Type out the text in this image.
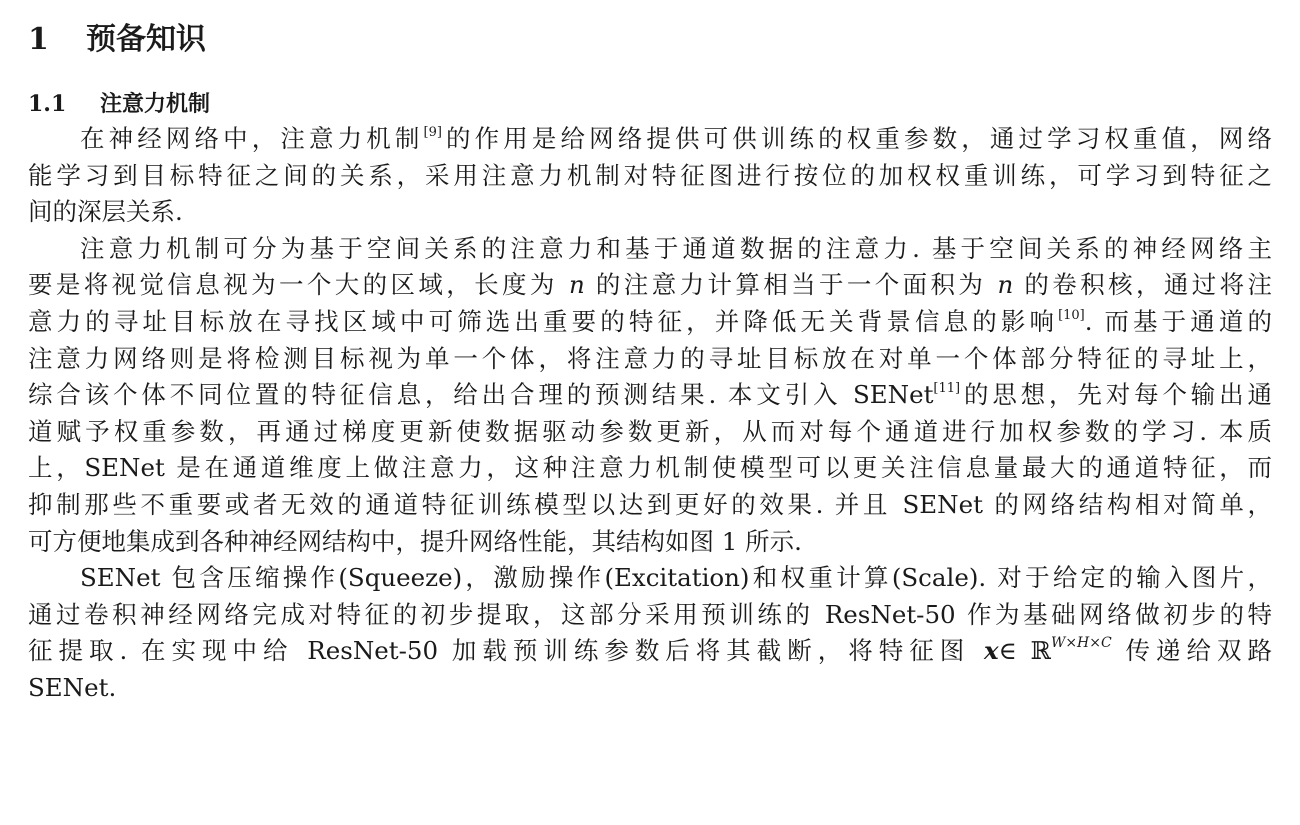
1	预备知识
1.1	注意力机制
在神经网络中，注意力机制[9]的作用是给网络提供可供训练的权重参数，通过学习权重值，网络
能学习到目标特征之间的关系，采用注意力机制对特征图进行按位的加权权重训练，可学习到特征之
间的深层关系.
注意力机制可分为基于空间关系的注意力和基于通道数据的注意力. 基于空间关系的神经网络主
要是将视觉信息视为一个大的区域，长度为 n 的注意力计算相当于一个面积为 n 的卷积核，通过将注
意力的寻址目标放在寻找区域中可筛选出重要的特征，并降低无关背景信息的影响[10]. 而基于通道的
注意力网络则是将检测目标视为单一个体，将注意力的寻址目标放在对单一个体部分特征的寻址上，
综合该个体不同位置的特征信息，给出合理的预测结果. 本文引入 SENet[11]的思想，先对每个输出通
道赋予权重参数，再通过梯度更新使数据驱动参数更新，从而对每个通道进行加权参数的学习. 本质
上，SENet 是在通道维度上做注意力，这种注意力机制使模型可以更关注信息量最大的通道特征，而
抑制那些不重要或者无效的通道特征训练模型以达到更好的效果. 并且 SENet 的网络结构相对简单，
可方便地集成到各种神经网结构中，提升网络性能，其结构如图 1 所示.
SENet 包含压缩操作(Squeeze)，激励操作(Excitation)和权重计算(Scale). 对于给定的输入图片，
通过卷积神经网络完成对特征的初步提取，这部分采用预训练的 ResNet-50 作为基础网络做初步的特
征提取. 在实现中给 ResNet-50 加载预训练参数后将其截断，将特征图 x∈ ℝ$^{W\times H\times C}$ 传递给双路
SENet.
